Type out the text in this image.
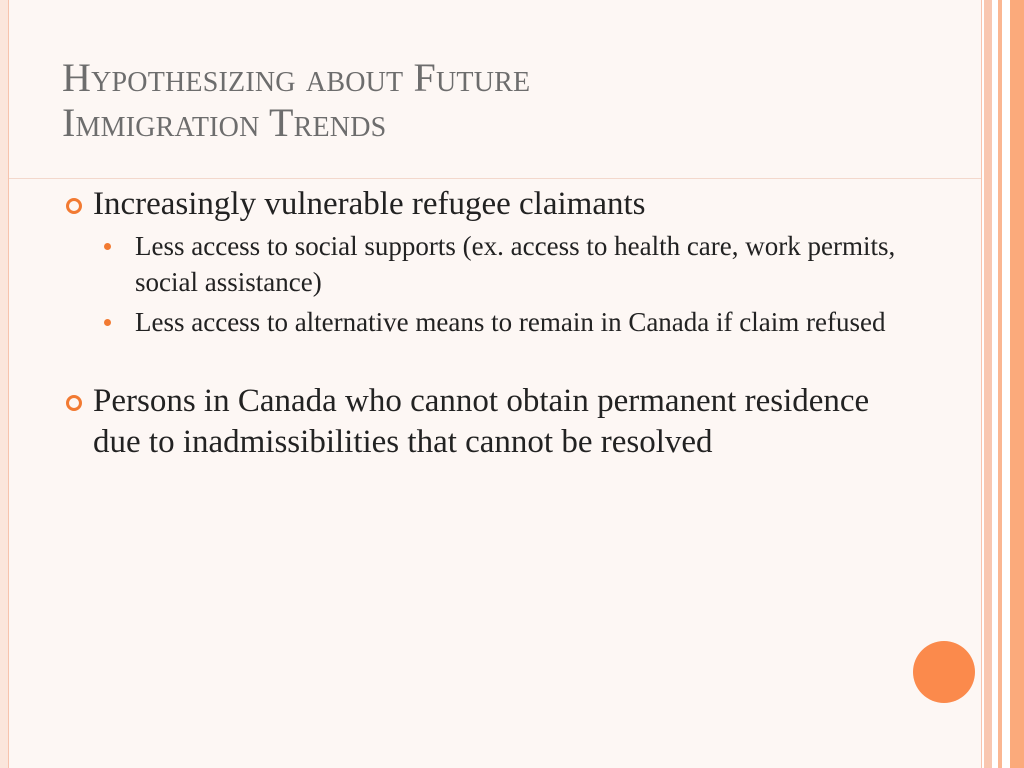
Hypothesizing about Future
Immigration Trends
Increasingly vulnerable refugee claimants
Less access to social supports (ex. access to health care, work permits, social assistance)
Less access to alternative means to remain in Canada if claim refused
Persons in Canada who cannot obtain permanent residence due to inadmissibilities that cannot be resolved
